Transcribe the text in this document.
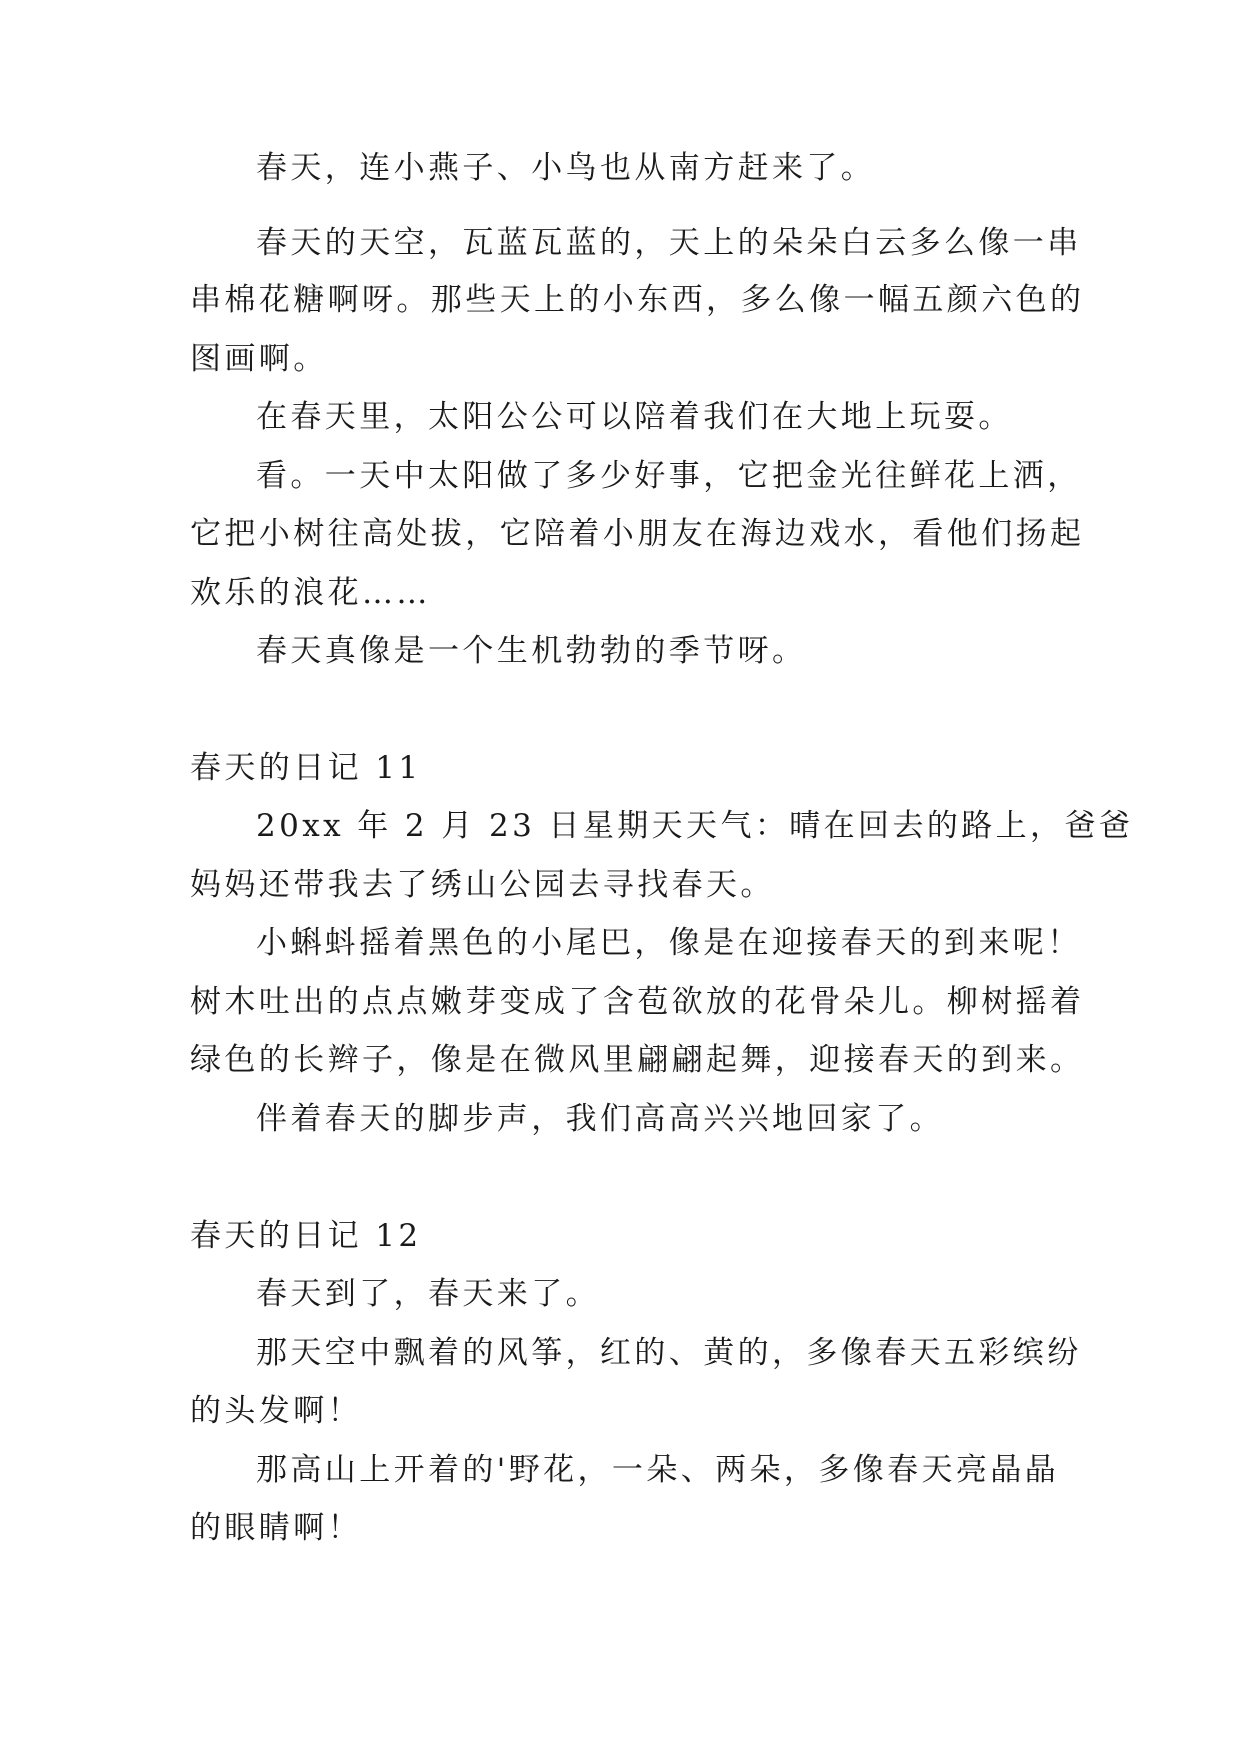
春天，连小燕子、小鸟也从南方赶来了。
春天的天空，瓦蓝瓦蓝的，天上的朵朵白云多么像一串
串棉花糖啊呀。那些天上的小东西，多么像一幅五颜六色的
图画啊。
在春天里，太阳公公可以陪着我们在大地上玩耍。
看。一天中太阳做了多少好事，它把金光往鲜花上洒，
它把小树往高处拔，它陪着小朋友在海边戏水，看他们扬起
欢乐的浪花……
春天真像是一个生机勃勃的季节呀。
春天的日记 11
20xx 年 2 月 23 日星期天天气：晴在回去的路上，爸爸
妈妈还带我去了绣山公园去寻找春天。
小蝌蚪摇着黑色的小尾巴，像是在迎接春天的到来呢！
树木吐出的点点嫩芽变成了含苞欲放的花骨朵儿。柳树摇着
绿色的长辫子，像是在微风里翩翩起舞，迎接春天的到来。
伴着春天的脚步声，我们高高兴兴地回家了。
春天的日记 12
春天到了，春天来了。
那天空中飘着的风筝，红的、黄的，多像春天五彩缤纷
的头发啊！
那高山上开着的'野花，一朵、两朵，多像春天亮晶晶
的眼睛啊！
